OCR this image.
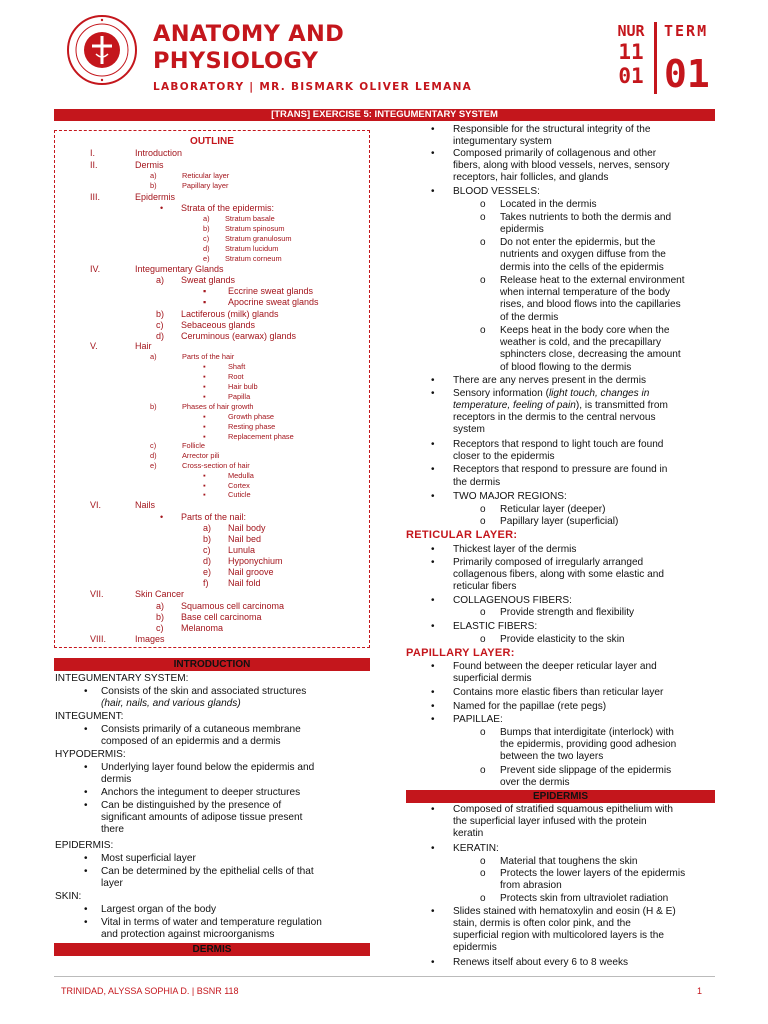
ANATOMY AND
PHYSIOLOGY
LABORATORY | MR. BISMARK OLIVER LEMANA
NUR
11
01
TERM
01
[TRANS] EXERCISE 5: INTEGUMENTARY SYSTEM
OUTLINE
I.	Introduction
II.	Dermis
a)	Reticular layer
b)	Papillary layer
III.	Epidermis
• Strata of the epidermis:
a) Stratum basale
b) Stratum spinosum
c) Stratum granulosum
d) Stratum lucidum
e) Stratum corneum
IV.	Integumentary Glands
a) Sweat glands
▪ Eccrine sweat glands
▪ Apocrine sweat glands
b) Lactiferous (milk) glands
c) Sebaceous glands
d) Ceruminous (earwax) glands
V.	Hair
a)	Parts of the hair
▪	Shaft
▪	Root
▪	Hair bulb
▪	Papilla
b)	Phases of hair growth
▪	Growth phase
▪	Resting phase
▪	Replacement phase
c)	Follicle
d)	Arrector pili
e)	Cross-section of hair
▪	Medulla
▪	Cortex
▪	Cuticle
VI.	Nails
• Parts of the nail:
a) Nail body
b) Nail bed
c) Lunula
d) Hyponychium
e) Nail groove
f) Nail fold
VII.	Skin Cancer
a) Squamous cell carcinoma
b) Base cell carcinoma
c) Melanoma
VIII.	Images
INTRODUCTION
INTEGUMENTARY SYSTEM:
• Consists of the skin and associated structures
(hair, nails, and various glands)
INTEGUMENT:
• Consists primarily of a cutaneous membrane
composed of an epidermis and a dermis
HYPODERMIS:
• Underlying layer found below the epidermis and
dermis
• Anchors the integument to deeper structures
• Can be distinguished by the presence of
significant amounts of adipose tissue present
there
EPIDERMIS:
• Most superficial layer
• Can be determined by the epithelial cells of that
layer
SKIN:
• Largest organ of the body
• Vital in terms of water and temperature regulation
and protection against microorganisms
DERMIS
• Responsible for the structural integrity of the
integumentary system
• Composed primarily of collagenous and other
fibers, along with blood vessels, nerves, sensory
receptors, hair follicles, and glands
• BLOOD VESSELS:
o Located in the dermis
o Takes nutrients to both the dermis and
epidermis
o Do not enter the epidermis, but the
nutrients and oxygen diffuse from the
dermis into the cells of the epidermis
o Release heat to the external environment
when internal temperature of the body
rises, and blood flows into the capillaries
of the dermis
o Keeps heat in the body core when the
weather is cold, and the precapillary
sphincters close, decreasing the amount
of blood flowing to the dermis
• There are any nerves present in the dermis
• Sensory information (light touch, changes in
temperature, feeling of pain), is transmitted from
receptors in the dermis to the central nervous
system
• Receptors that respond to light touch are found
closer to the epidermis
• Receptors that respond to pressure are found in
the dermis
• TWO MAJOR REGIONS:
o Reticular layer (deeper)
o Papillary layer (superficial)
• Thickest layer of the dermis
• Primarily composed of irregularly arranged
collagenous fibers, along with some elastic and
reticular fibers
• COLLAGENOUS FIBERS:
o Provide strength and flexibility
• ELASTIC FIBERS:
o Provide elasticity to the skin
• Found between the deeper reticular layer and
superficial dermis
• Contains more elastic fibers than reticular layer
• Named for the papillae (rete pegs)
• PAPILLAE:
o Bumps that interdigitate (interlock) with
the epidermis, providing good adhesion
between the two layers
o Prevent side slippage of the epidermis
over the dermis
• Composed of stratified squamous epithelium with
the superficial layer infused with the protein
keratin
• KERATIN:
o Material that toughens the skin
o Protects the lower layers of the epidermis
from abrasion
o Protects skin from ultraviolet radiation
• Slides stained with hematoxylin and eosin (H & E)
stain, dermis is often color pink, and the
superficial region with multicolored layers is the
epidermis
• Renews itself about every 6 to 8 weeks
RETICULAR LAYER:
PAPILLARY LAYER:
EPIDERMIS
TRINIDAD, ALYSSA SOPHIA D. | BSNR 118	1
